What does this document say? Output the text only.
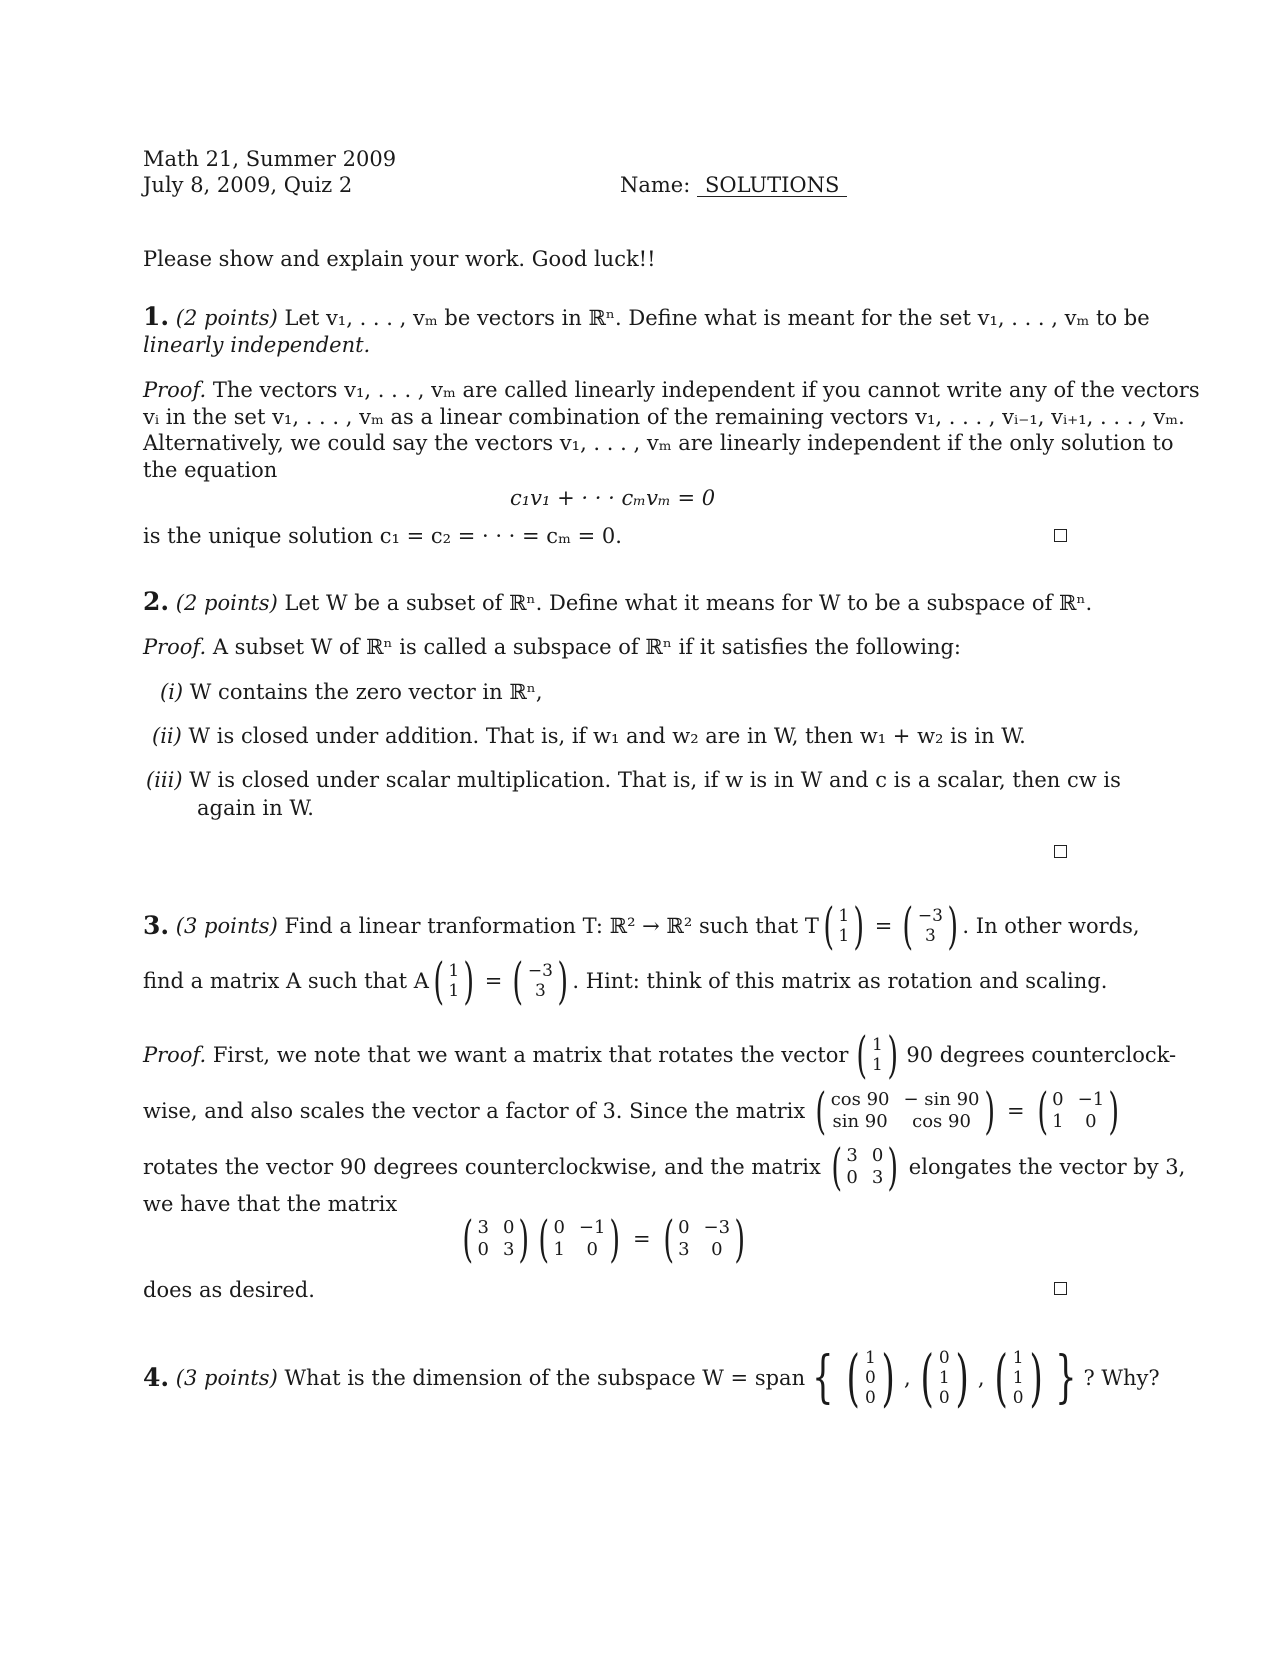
Math 21, Summer 2009
July 8, 2009, Quiz 2	Name: SOLUTIONS
Please show and explain your work. Good luck!!
1. (2 points) Let v₁, . . . , vₘ be vectors in ℝⁿ. Define what is meant for the set v₁, . . . , vₘ to be
linearly independent.
Proof. The vectors v₁, . . . , vₘ are called linearly independent if you cannot write any of the vectors
vᵢ in the set v₁, . . . , vₘ as a linear combination of the remaining vectors v₁, . . . , vᵢ₋₁, vᵢ₊₁, . . . , vₘ.
Alternatively, we could say the vectors v₁, . . . , vₘ are linearly independent if the only solution to
the equation
c₁v₁ + · · · cₘvₘ = 0
is the unique solution c₁ = c₂ = · · · = cₘ = 0.
2. (2 points) Let W be a subset of ℝⁿ. Define what it means for W to be a subspace of ℝⁿ.
Proof. A subset W of ℝⁿ is called a subspace of ℝⁿ if it satisfies the following:
(i) W contains the zero vector in ℝⁿ,
(ii) W is closed under addition. That is, if w₁ and w₂ are in W, then w₁ + w₂ is in W.
(iii) W is closed under scalar multiplication. That is, if w is in W and c is a scalar, then cw is
again in W.
3.
(3 points)
Find a linear tranformation T: ℝ² → ℝ² such that T ( 1
1 ) = ( −3
3 ) . In other words,
find a matrix A such that A ( 1
1 ) = ( −3
3 ) . Hint: think of this matrix as rotation and scaling.
Proof.
First, we note that we want a matrix that rotates the vector ( 1
1 ) 90 degrees counterclock-
wise, and also scales the vector a factor of 3. Since the matrix ( cos 90 − sin 90
sin 90	cos 90 ) = ( 0 −1
1	0 )
rotates the vector 90 degrees counterclockwise, and the matrix ( 3 0
0 3 ) elongates the vector by 3,
we have that the matrix
( 3 0
0 3 ) ( 0 −1
1	0 ) = ( 0 −3
3	0 )
does as desired.
4.
(3 points)
What is the dimension of the subspace W = span { ( 1
0
0 ) , ( 0
1
0 ) , ( 1
1
0 ) } ? Why?
